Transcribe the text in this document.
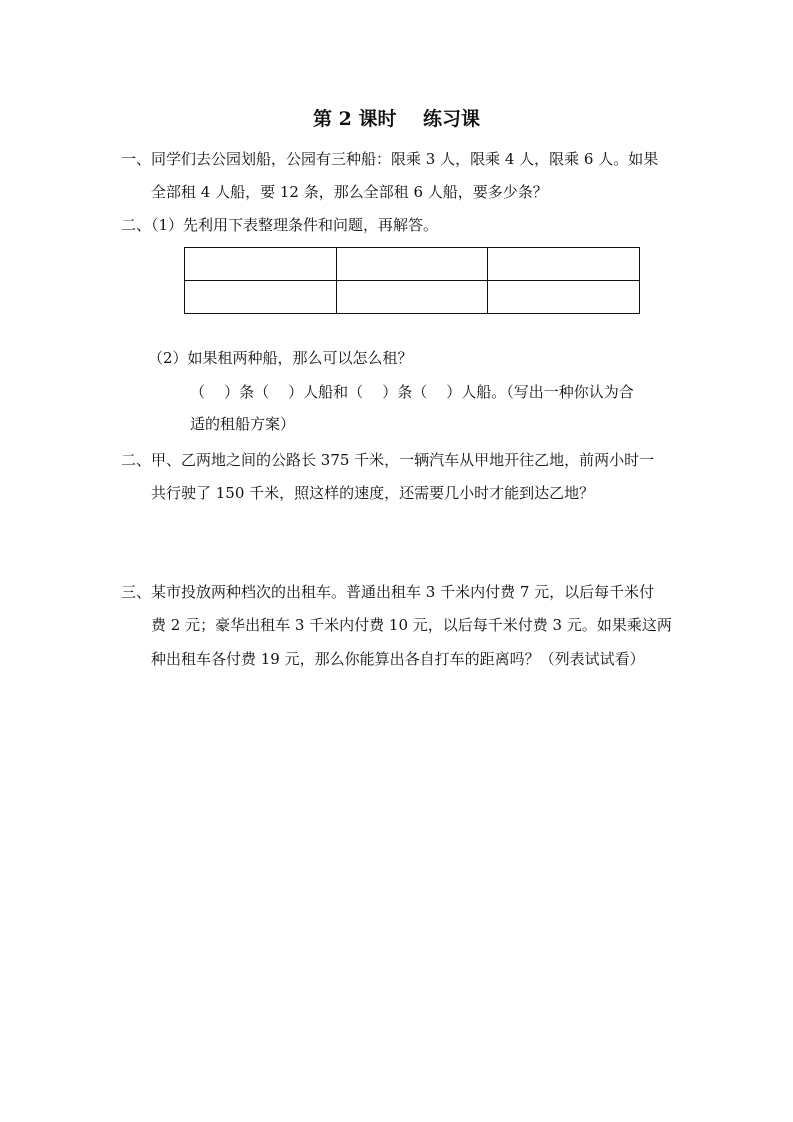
第 2 课时    练习课
一、同学们去公园划船，公园有三种船：限乘 3 人，限乘 4 人，限乘 6 人。如果
全部租 4 人船，要 12 条，那么全部租 6 人船，要多少条？
二、（1）先利用下表整理条件和问题，再解答。

（2）如果租两种船，那么可以怎么租？
（    ）条（    ）人船和（    ）条（    ）人船。（写出一种你认为合
适的租船方案）
二、甲、乙两地之间的公路长 375 千米，一辆汽车从甲地开往乙地，前两小时一
共行驶了 150 千米，照这样的速度，还需要几小时才能到达乙地？
三、某市投放两种档次的出租车。普通出租车 3 千米内付费 7 元，以后每千米付
费 2 元；豪华出租车 3 千米内付费 10 元，以后每千米付费 3 元。如果乘这两
种出租车各付费 19 元，那么你能算出各自打车的距离吗？（列表试试看）
